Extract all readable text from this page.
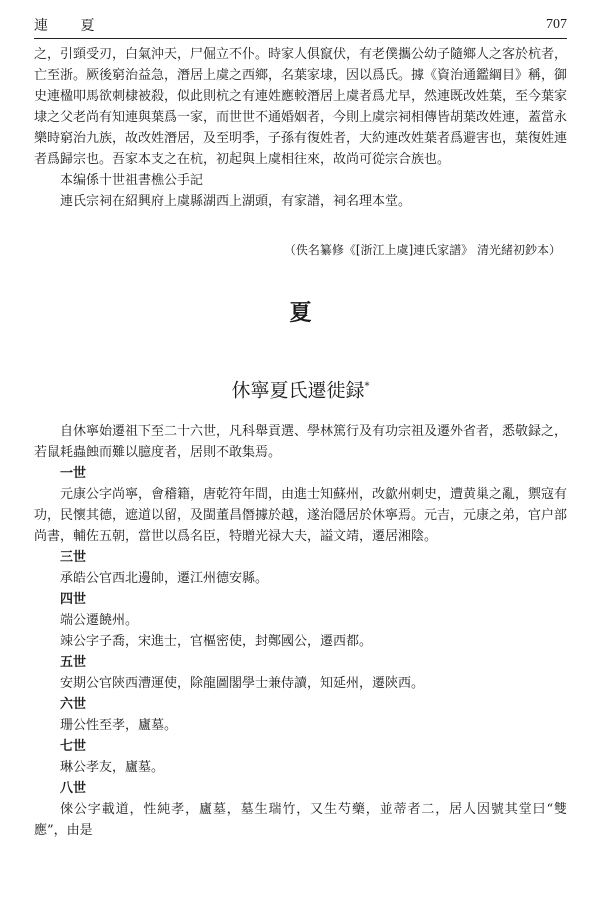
連 夏	707

之，引頸受刃，白氣沖天，尸倔立不仆。時家人俱竄伏，有老僕攜公幼子隨鄉人之客於杭者，亡至浙。厥後窮治益急，潛居上虞之西鄉，名葉家埭，因以爲氏。據《資治通鑑綱目》稱，御史連楹叩馬欲刺棣被殺，似此則杭之有連姓應較潛居上虞者爲尤早，然連既改姓葉，至今葉家埭之父老尚有知連與葉爲一家，而世世不通婚姻者，今則上虞宗祠相傳皆胡葉改姓連，蓋當永樂時窮治九族，故改姓潛居，及至明季，子孫有復姓者，大約連改姓葉者爲避害也，葉復姓連者爲歸宗也。吾家本支之在杭，初起與上虞相往來，故尚可從宗合族也。

本编係十世祖書樵公手記

連氏宗祠在紹興府上虞縣湖西上湖頭，有家譜，祠名理本堂。

（佚名纂修《[浙江上虞]連氏家譜》 清光緒初鈔本）

夏
休寧夏氏遷徙録*

自休寧始遷祖下至二十六世，凡科舉貢選、學林篤行及有功宗祖及遷外省者，悉敬録之，若鼠耗蟲蝕而難以臆度者，居則不敢集焉。

一世

元康公字尚寧，會稽籍，唐乾符年間，由進士知蘇州，改歙州刺史，遭黄巢之亂，禦寇有功，民懷其德，遮道以留，及閩董昌僭據於越，遂治隱居於休寧焉。元吉，元康之弟，官户部尚書，輔佐五朝，當世以爲名臣，特贈光禄大夫，謚文靖，遷居湘陰。

三世

承皓公官西北邊帥，遷江州德安縣。

四世

端公遷饒州。

竦公字子喬，宋進士，官樞密使，封鄭國公，遷西都。

五世

安期公官陝西漕運使，除龍圖閣學士兼侍讀，知延州，遷陝西。

六世

珊公性至孝，廬墓。

七世

琳公孝友，廬墓。

八世

倈公字載道，性純孝，廬墓，墓生瑞竹，又生芍藥，並蒂者二，居人因號其堂曰“雙應”，由是
